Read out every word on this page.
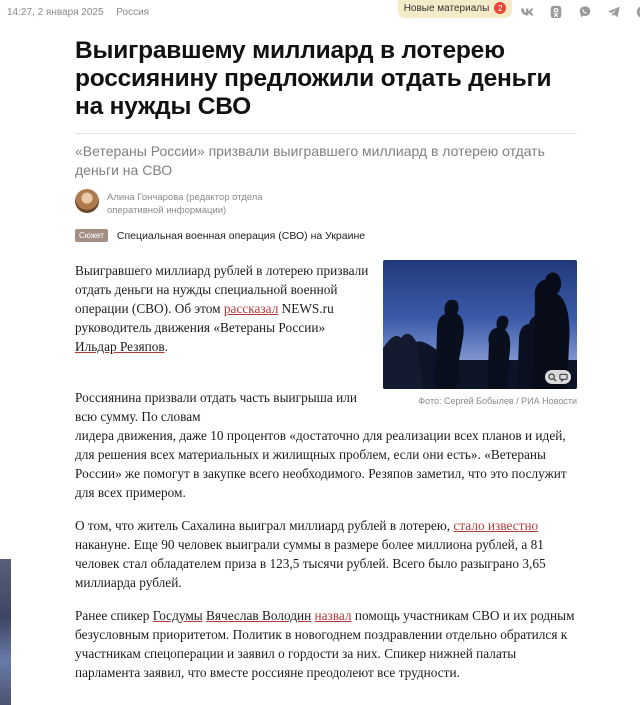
14:27, 2 января 2025 Россия	Новые материалы	2
Выигравшему миллиард в лотерею россиянину предложили отдать деньги на нужды СВО

«Ветераны России» призвали выигравшего миллиард в лотерею отдать деньги на СВО

Алина Гончарова (редактор отдела оперативной информации)
Сюжет	Специальная военная операция (СВО) на Украине
Фото: Сергей Бобылев / РИА Новости

Выигравшего миллиард рублей в лотерею призвали отдать деньги на нужды специальной военной операции (СВО). Об этом рассказал NEWS.ru руководитель движения «Ветераны России» Ильдар Резяпов.

Россиянина призвали отдать часть выигрыша или всю сумму. По словам
лидера движения, даже 10 процентов «достаточно для реализации всех планов и идей, для решения всех материальных и жилищных проблем, если они есть». «Ветераны России» же помогут в закупке всего необходимого. Резяпов заметил, что это послужит для всех примером.

О том, что житель Сахалина выиграл миллиард рублей в лотерею, стало известно накануне. Еще 90 человек выиграли суммы в размере более миллиона рублей, а 81 человек стал обладателем приза в 123,5 тысячи рублей. Всего было разыграно 3,65 миллиарда рублей.

Ранее спикер Госдумы Вячеслав Володин назвал помощь участникам СВО и их родным безусловным приоритетом. Политик в новогоднем поздравлении отдельно обратился к участникам спецоперации и заявил о гордости за них. Спикер нижней палаты парламента заявил, что вместе россияне преодолеют все трудности.
